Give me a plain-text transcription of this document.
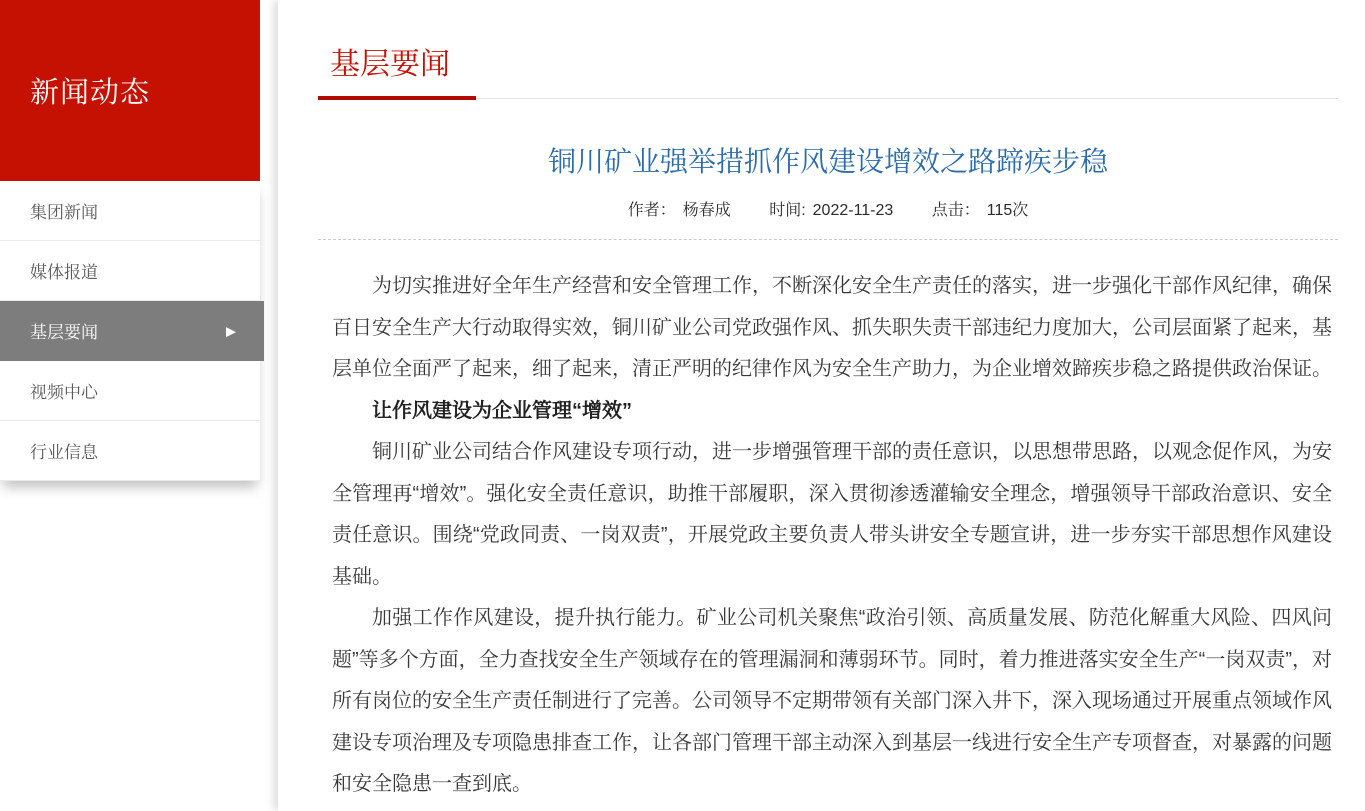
新闻动态
集团新闻
媒体报道
基层要闻	▶
视频中心
行业信息
基层要闻
铜川矿业强举措抓作风建设增效之路蹄疾步稳
作者： 杨春成 时间: 2022-11-23 点击： 115次

为切实推进好全年生产经营和安全管理工作，不断深化安全生产责任的落实，进一步强化干部作风纪律，确保百日安全生产大行动取得实效，铜川矿业公司党政强作风、抓失职失责干部违纪力度加大，公司层面紧了起来，基层单位全面严了起来，细了起来，清正严明的纪律作风为安全生产助力，为企业增效蹄疾步稳之路提供政治保证。

让作风建设为企业管理“增效”

铜川矿业公司结合作风建设专项行动，进一步增强管理干部的责任意识，以思想带思路，以观念促作风，为安全管理再“增效”。强化安全责任意识，助推干部履职，深入贯彻渗透灌输安全理念，增强领导干部政治意识、安全责任意识。围绕“党政同责、一岗双责”，开展党政主要负责人带头讲安全专题宣讲，进一步夯实干部思想作风建设基础。

加强工作作风建设，提升执行能力。矿业公司机关聚焦“政治引领、高质量发展、防范化解重大风险、四风问题”等多个方面，全力查找安全生产领域存在的管理漏洞和薄弱环节。同时，着力推进落实安全生产“一岗双责”，对所有岗位的安全生产责任制进行了完善。公司领导不定期带领有关部门深入井下，深入现场通过开展重点领域作风建设专项治理及专项隐患排查工作，让各部门管理干部主动深入到基层一线进行安全生产专项督查，对暴露的问题和安全隐患一查到底。
